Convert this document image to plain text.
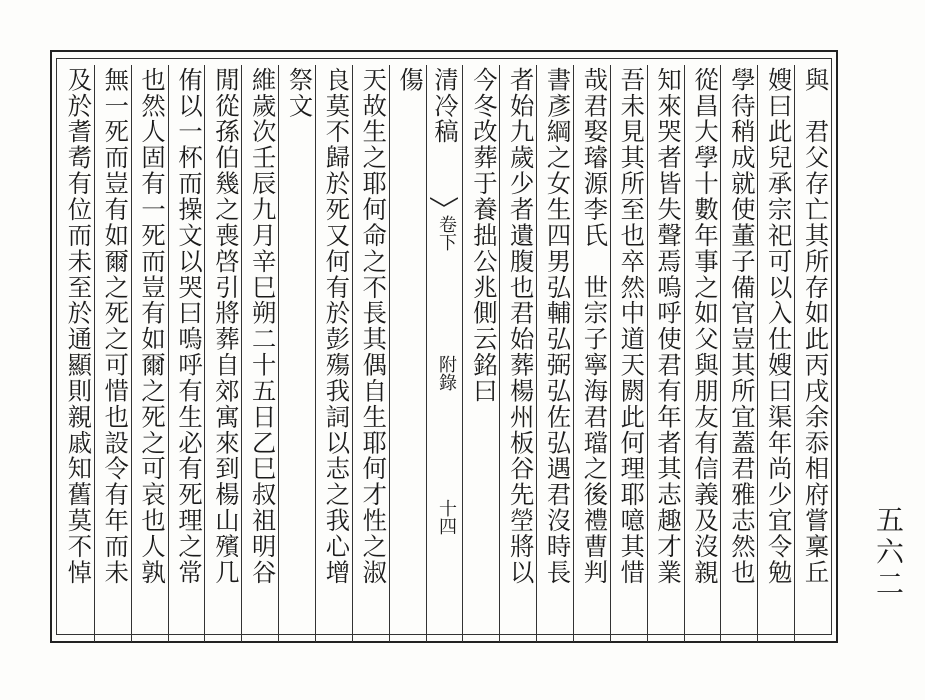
與　君父存亡其所存如此丙戌余忝相府嘗稟丘
嫂曰此兒承宗祀可以入仕嫂曰渠年尚少宜令勉
學待稍成就使董子備官豈其所宜蓋君雅志然也
從昌大學十數年事之如父與朋友有信義及沒親
知來哭者皆失聲焉嗚呼使君有年者其志趣才業
吾未見其所至也卒然中道天閼此何理耶噫其惜
哉君娶璿源李氏　世宗子寧海君璫之後禮曹判
書彥綱之女生四男弘輔弘弼弘佐弘遇君沒時長
者始九歲少者遺腹也君始葬楊州板谷先塋將以
今冬改葬于養拙公兆側云銘曰
清冷稿
卷下
附錄
十四
傷
天故生之耶何命之不長其偶自生耶何才性之淑
良莫不歸於死又何有於彭殤我詞以志之我心增
祭文
維歲次壬辰九月辛巳朔二十五日乙巳叔祖明谷
閒從孫伯幾之喪啓引將葬自郊寓來到楊山殯几
侑以一杯而操文以哭曰嗚呼有生必有死理之常
也然人固有一死而豈有如爾之死之可哀也人孰
無一死而豈有如爾之死之可惜也設令有年而未
及於耆耉有位而未至於通顯則親戚知舊莫不悼	五六二
